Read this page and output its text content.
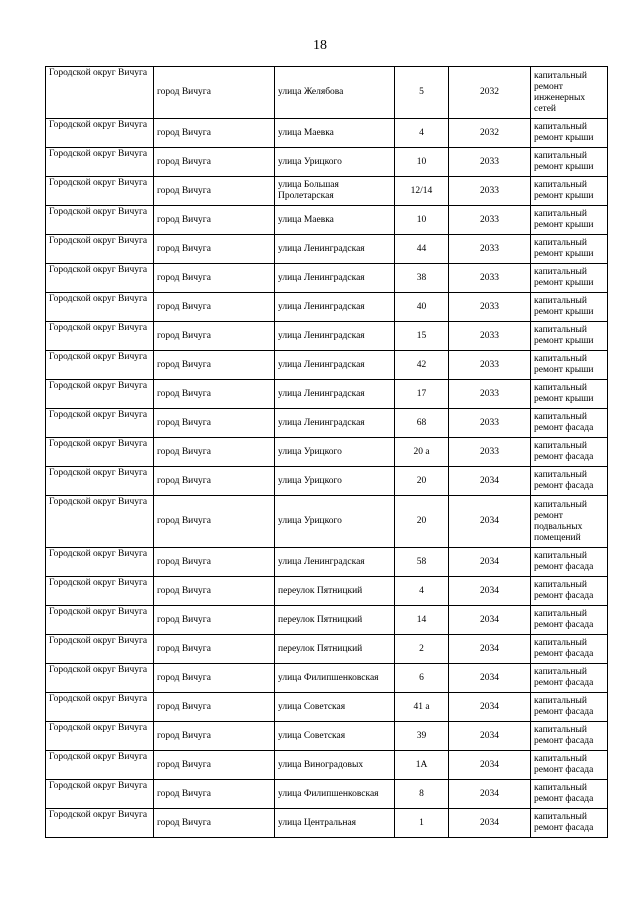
18
Городской округ Вичуга	город Вичуга	улица Желябова	5	2032	капитальный ремонт инженерных сетей
Городской округ Вичуга	город Вичуга	улица Маевка	4	2032	капитальный ремонт крыши
Городской округ Вичуга	город Вичуга	улица Урицкого	10	2033	капитальный ремонт крыши
Городской округ Вичуга	город Вичуга	улица Большая Пролетарская	12/14	2033	капитальный ремонт крыши
Городской округ Вичуга	город Вичуга	улица Маевка	10	2033	капитальный ремонт крыши
Городской округ Вичуга	город Вичуга	улица Ленинградская	44	2033	капитальный ремонт крыши
Городской округ Вичуга	город Вичуга	улица Ленинградская	38	2033	капитальный ремонт крыши
Городской округ Вичуга	город Вичуга	улица Ленинградская	40	2033	капитальный ремонт крыши
Городской округ Вичуга	город Вичуга	улица Ленинградская	15	2033	капитальный ремонт крыши
Городской округ Вичуга	город Вичуга	улица Ленинградская	42	2033	капитальный ремонт крыши
Городской округ Вичуга	город Вичуга	улица Ленинградская	17	2033	капитальный ремонт крыши
Городской округ Вичуга	город Вичуга	улица Ленинградская	68	2033	капитальный ремонт фасада
Городской округ Вичуга	город Вичуга	улица Урицкого	20 а	2033	капитальный ремонт фасада
Городской округ Вичуга	город Вичуга	улица Урицкого	20	2034	капитальный ремонт фасада
Городской округ Вичуга	город Вичуга	улица Урицкого	20	2034	капитальный ремонт подвальных помещений
Городской округ Вичуга	город Вичуга	улица Ленинградская	58	2034	капитальный ремонт фасада
Городской округ Вичуга	город Вичуга	переулок Пятницкий	4	2034	капитальный ремонт фасада
Городской округ Вичуга	город Вичуга	переулок Пятницкий	14	2034	капитальный ремонт фасада
Городской округ Вичуга	город Вичуга	переулок Пятницкий	2	2034	капитальный ремонт фасада
Городской округ Вичуга	город Вичуга	улица Филипшенковская	6	2034	капитальный ремонт фасада
Городской округ Вичуга	город Вичуга	улица Советская	41 а	2034	капитальный ремонт фасада
Городской округ Вичуга	город Вичуга	улица Советская	39	2034	капитальный ремонт фасада
Городской округ Вичуга	город Вичуга	улица Виноградовых	1А	2034	капитальный ремонт фасада
Городской округ Вичуга	город Вичуга	улица Филипшенковская	8	2034	капитальный ремонт фасада
Городской округ Вичуга	город Вичуга	улица Центральная	1	2034	капитальный ремонт фасада
